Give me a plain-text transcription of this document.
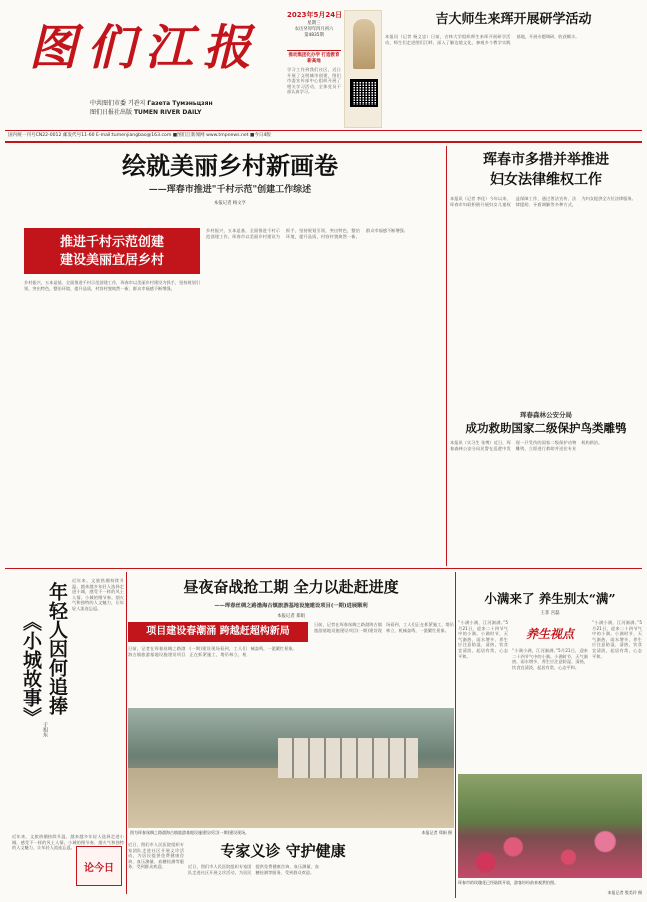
图们江报
2023年5月24日
星期三
农历癸卯年四月初六
第4835期
推动集团化办学 打造教育新高地
学习工作到我们社区，近日开展了文明城市创建，图们市委宣传部中心组织开展了相关学习活动，全体党员干部认真学习。
中共图们市委 기관지 Газета Тумэньцзян
图们日报社出版 TUMEN RIVER DAILY
国内统一刊号CN22-0012 邮发代号11-60 E-mail:tumenjiangbao@163.com ■图们江新闻网 www.tmpnews.net ■今日4版
吉大师生来珲开展研学活动
本报讯（记者 杨义忠）日前，吉林大学组织师生来珲开展研学活动，师生们走进图们江畔，深入了解边境文化，参观多个教学实践基地，开展专题调研，收获颇丰。
绘就美丽乡村新画卷
——珲春市推进"千村示范"创建工作综述
本报记者 杨文亨
推进千村示范创建
建设美丽宜居乡村
乡村振兴，五本是基，全面推进千村示范创建工作，珲春市以美丽乡村建设为抓手，坚持规划引领，突出特色，整治环境，提升品质，村容村貌焕然一新，群众幸福感不断增强。
乡村振兴，五本是基，全面推进千村示范创建工作，珲春市以美丽乡村建设为抓手，坚持规划引领，突出特色，整治环境，提升品质，村容村貌焕然一新，群众幸福感不断增强。
珲春市多措并举推进
妇女法律维权工作
本报讯（记者 李佳）今年以来，珲春市妇联积极开展妇女儿童权益保障工作，通过普法宣传、法律援助、矛盾调解等多种方式，为妇女提供全方位法律服务。
珲春森林公安分局
成功救助国家二级保护鸟类雕鸮
本报讯（实习生 张博）近日，珲春森林公安分局民警在巡逻中发现一只受伤的国家二级保护动物雕鸮，立即进行救助并送往专业机构救治。
年轻人因何追捧
《小城故事》
于旭东
近年来，文旅热潮持续升温，越来越多年轻人选择走进小城，感受不一样的风土人情。小城的慢节奏、烟火气和独特的人文魅力，让年轻人流连忘返。
近年来，文旅热潮持续升温，越来越多年轻人选择走进小城，感受不一样的风土人情。小城的慢节奏、烟火气和独特的人文魅力，让年轻人流连忘返。
昼夜奋战抢工期 全力以赴赶进度
——珲春丝绸之路渤海古镇旅游基地设施建设项目(一期)进展顺利
本报记者 郑娟
项目建设春潮涌 跨越赶超构新局
日前，记者在珲春丝绸之路渤海古镇旅游基地设施建设项目(一期)建设现场看到，工人们正在抓紧施工，塔吊林立，机械轰鸣，一派繁忙景象。
日前，记者在珲春丝绸之路渤海古镇旅游基地设施建设项目(一期)建设现场看到，工人们正在抓紧施工，塔吊林立，机械轰鸣，一派繁忙景象。
图为珲春丝绸之路渤海古镇旅游基地设施建设项目(一期)建设现场。	本报记者 郑娟 摄
专家义诊 守护健康
近日，图们市人民医院组织专家团队走进社区开展义诊活动，为居民提供免费健康咨询、血压测量、血糖检测等服务，受到群众欢迎。	近日，图们市人民医院组织专家团队走进社区开展义诊活动，为居民提供免费健康咨询、血压测量、血糖检测等服务，受到群众欢迎。
论今日
小满来了 养生别太“满”
王菲 宫磊
“小满小满，江河渐满。”5月21日，迎来二十四节气中的小满。小满时节，天气渐热，雨水增多，养生应注意防湿、清热，饮食宜清淡，起居有常，心态平和。
养生视点
“小满小满，江河渐满。”5月21日，迎来二十四节气中的小满。小满时节，天气渐热，雨水增多，养生应注意防湿、清热，饮食宜清淡，起居有常，心态平和。
“小满小满，江河渐满。”5月21日，迎来二十四节气中的小满。小满时节，天气渐热，雨水增多，养生应注意防湿、清热，饮食宜清淡，起居有常，心态平和。
珲春市的玫瑰花已经陆续开放，游客纷纷前来观赏拍照。
本报记者 殷美玲 摄
